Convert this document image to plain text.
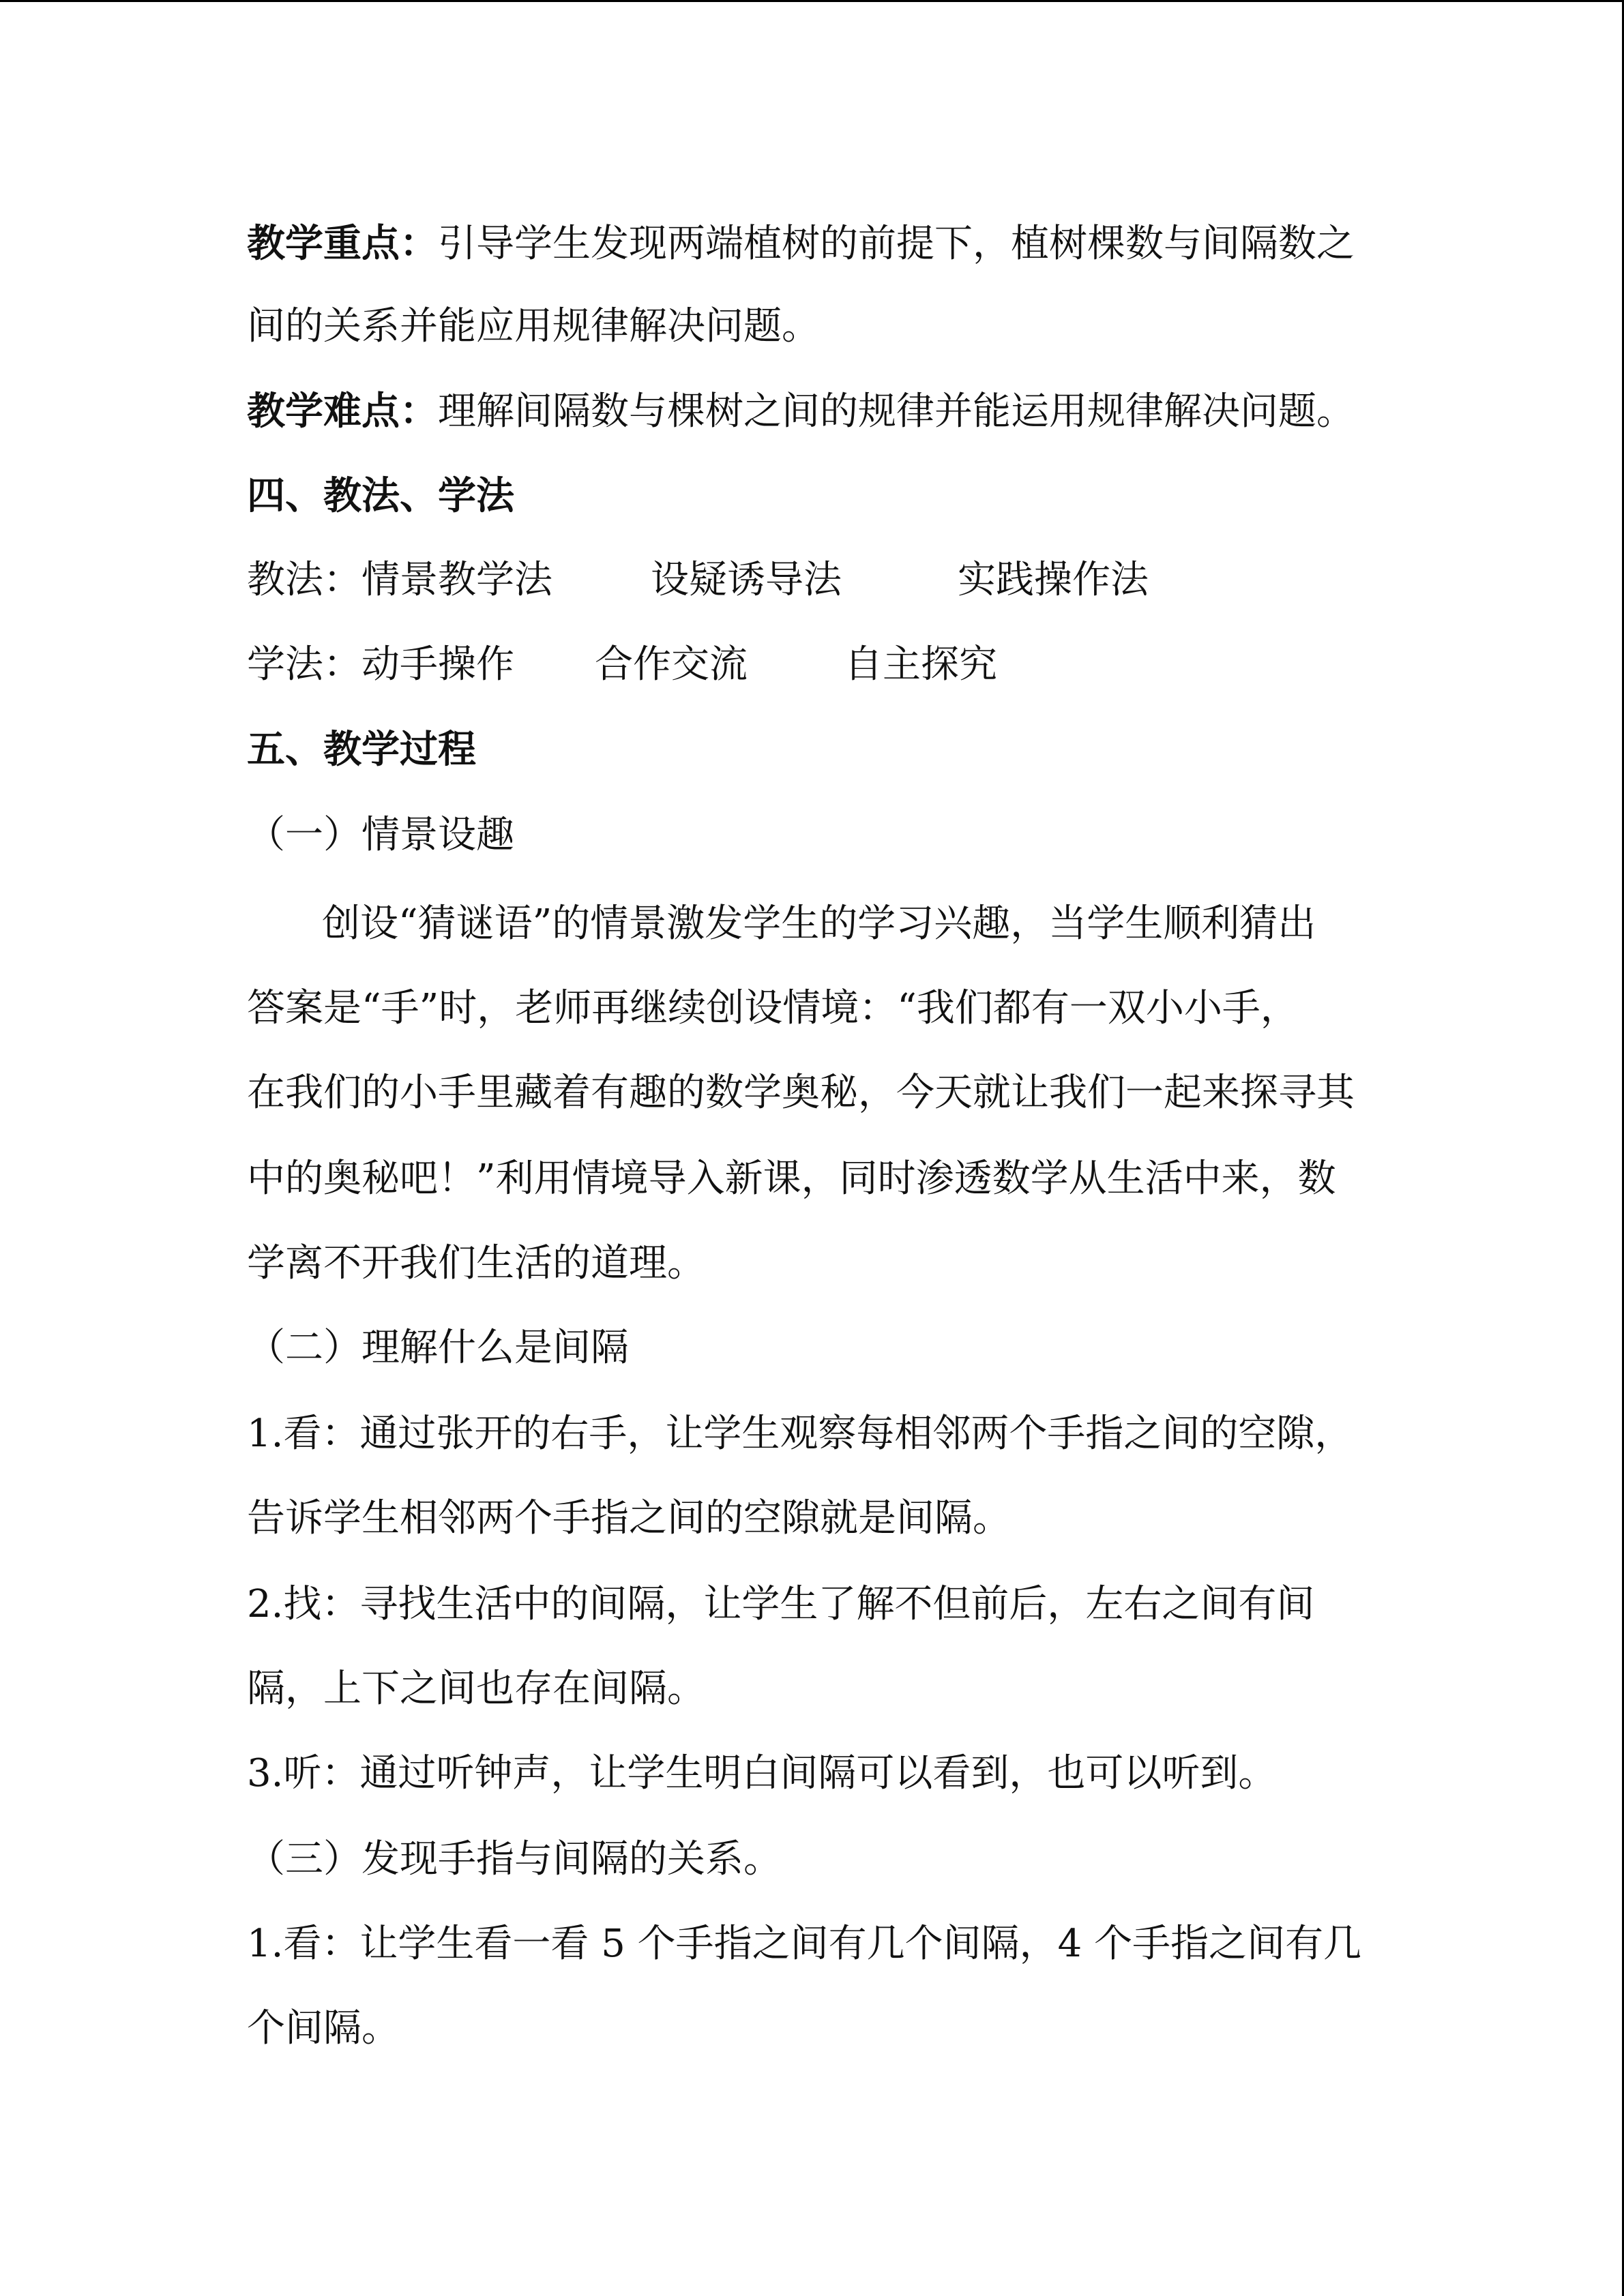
教学重点：引导学生发现两端植树的前提下，植树棵数与间隔数之
间的关系并能应用规律解决问题。
教学难点：理解间隔数与棵树之间的规律并能运用规律解决问题。
四、教法、学法
教法：情景教学法	设疑诱导法	实践操作法
学法：动手操作 合作交流	自主探究
五、教学过程
（一）情景设趣
创设“猜谜语”的情景激发学生的学习兴趣，当学生顺利猜出
答案是“手”时，老师再继续创设情境：“我们都有一双小小手，
在我们的小手里藏着有趣的数学奥秘，今天就让我们一起来探寻其
中的奥秘吧！”利用情境导入新课，同时渗透数学从生活中来，数
学离不开我们生活的道理。
（二）理解什么是间隔
1.看：通过张开的右手，让学生观察每相邻两个手指之间的空隙，
告诉学生相邻两个手指之间的空隙就是间隔。
2.找：寻找生活中的间隔，让学生了解不但前后，左右之间有间
隔，上下之间也存在间隔。
3.听：通过听钟声，让学生明白间隔可以看到，也可以听到。
（三）发现手指与间隔的关系。
1.看：让学生看一看 5 个手指之间有几个间隔，4 个手指之间有几
个间隔。
